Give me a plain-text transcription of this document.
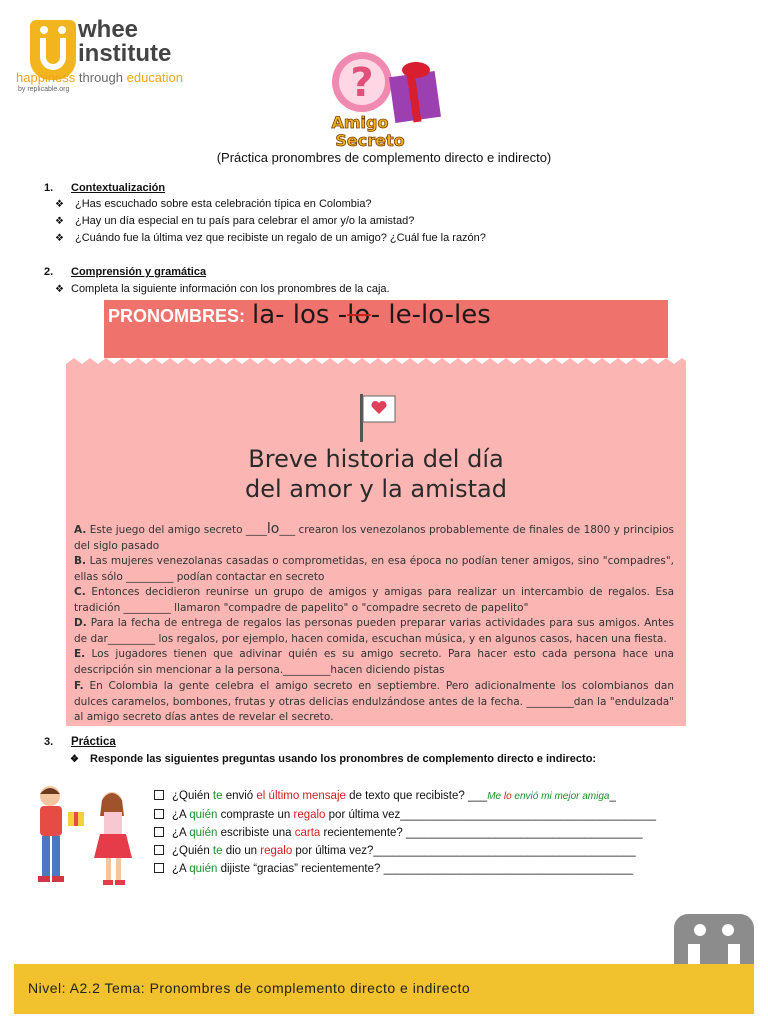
whee
institute
happiness through education
by replicable.org	?
Amigo
Secreto
(Práctica pronombres de complemento directo e indirecto)
1. Contextualización
❖ ¿Has escuchado sobre esta celebración típica en Colombia?
❖ ¿Hay un día especial en tu país para celebrar el amor y/o la amistad?
❖ ¿Cuándo fue la última vez que recibiste un regalo de un amigo? ¿Cuál fue la razón?
2. Comprensión y gramática
❖ Completa la siguiente información con los pronombres de la caja.
PRONOMBRES: la- los -lo- le-lo-les
Breve historia del día
del amor y la amistad
A. Este juego del amigo secreto ____lo___ crearon los venezolanos probablemente de finales de 1800 y principios del siglo pasado
B. Las mujeres venezolanas casadas o comprometidas, en esa época no podían tener amigos, sino "compadres", ellas sólo _________ podían contactar en secreto
C. Entonces decidieron reunirse un grupo de amigos y amigas para realizar un intercambio de regalos. Esa tradición _________ llamaron "compadre de papelito" o "compadre secreto de papelito"
D. Para la fecha de entrega de regalos las personas pueden preparar varias actividades para sus amigos. Antes de dar_________ los regalos, por ejemplo, hacen comida, escuchan música, y en algunos casos, hacen una fiesta.
E. Los jugadores tienen que adivinar quién es su amigo secreto. Para hacer esto cada persona hace una descripción sin mencionar a la persona._________hacen diciendo pistas
F. En Colombia la gente celebra el amigo secreto en septiembre. Pero adicionalmente los colombianos dan dulces caramelos, bombones, frutas y otras delicias endulzándose antes de la fecha. _________dan la "endulzada" al amigo secreto días antes de revelar el secreto.
3. Práctica
❖ Responde las siguientes preguntas usando los pronombres de complemento directo e indirecto:
¿Quién te envió el último mensaje de texto que recibiste? ___Me lo envió mi mejor amiga_
¿A quién compraste un regalo por última vez________________________________________
¿A quién escribiste una carta recientemente? _____________________________________
¿Quién te dio un regalo por última vez?_________________________________________
¿A quién dijiste “gracias” recientemente? _______________________________________
Nivel: A2.2 Tema: Pronombres de complemento directo e indirecto
